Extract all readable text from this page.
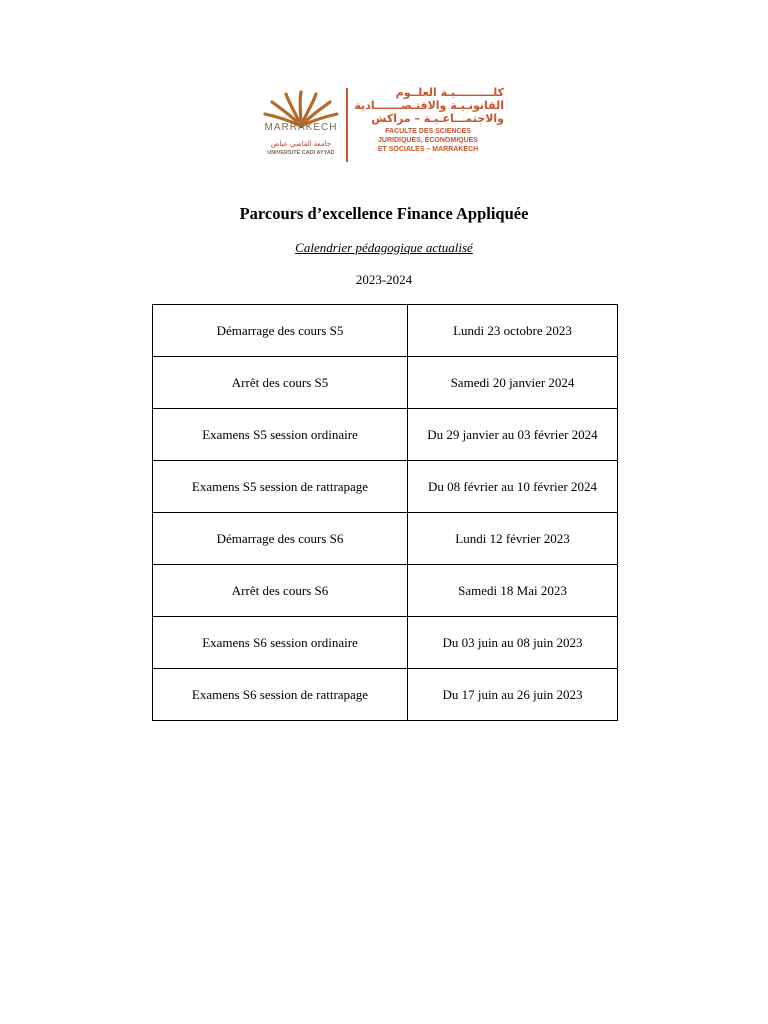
MARRAKECH
جامعة القاضي عياض
UNIVERSITÉ CADI AYYAD
كلــــــــــيـة العلــوم
القانونـيـة والاقتـصـــــــادية
والاجتمـــاعـيـة – مراكش
FACULTE DES SCIENCES
JURIDIQUES, ÉCONOMIQUES
ET SOCIALES – MARRAKECH
Parcours d’excellence Finance Appliquée
Calendrier pédagogique actualisé
2023-2024
Démarrage des cours S5	Lundi 23 octobre 2023
Arrêt des cours S5	Samedi 20 janvier 2024
Examens S5 session ordinaire	Du 29 janvier au 03 février 2024
Examens S5 session de rattrapage	Du 08 février au 10 février 2024
Démarrage des cours S6	Lundi 12 février 2023
Arrêt des cours S6	Samedi 18 Mai 2023
Examens S6 session ordinaire	Du 03 juin au 08 juin 2023
Examens S6 session de rattrapage	Du 17 juin au 26 juin 2023
